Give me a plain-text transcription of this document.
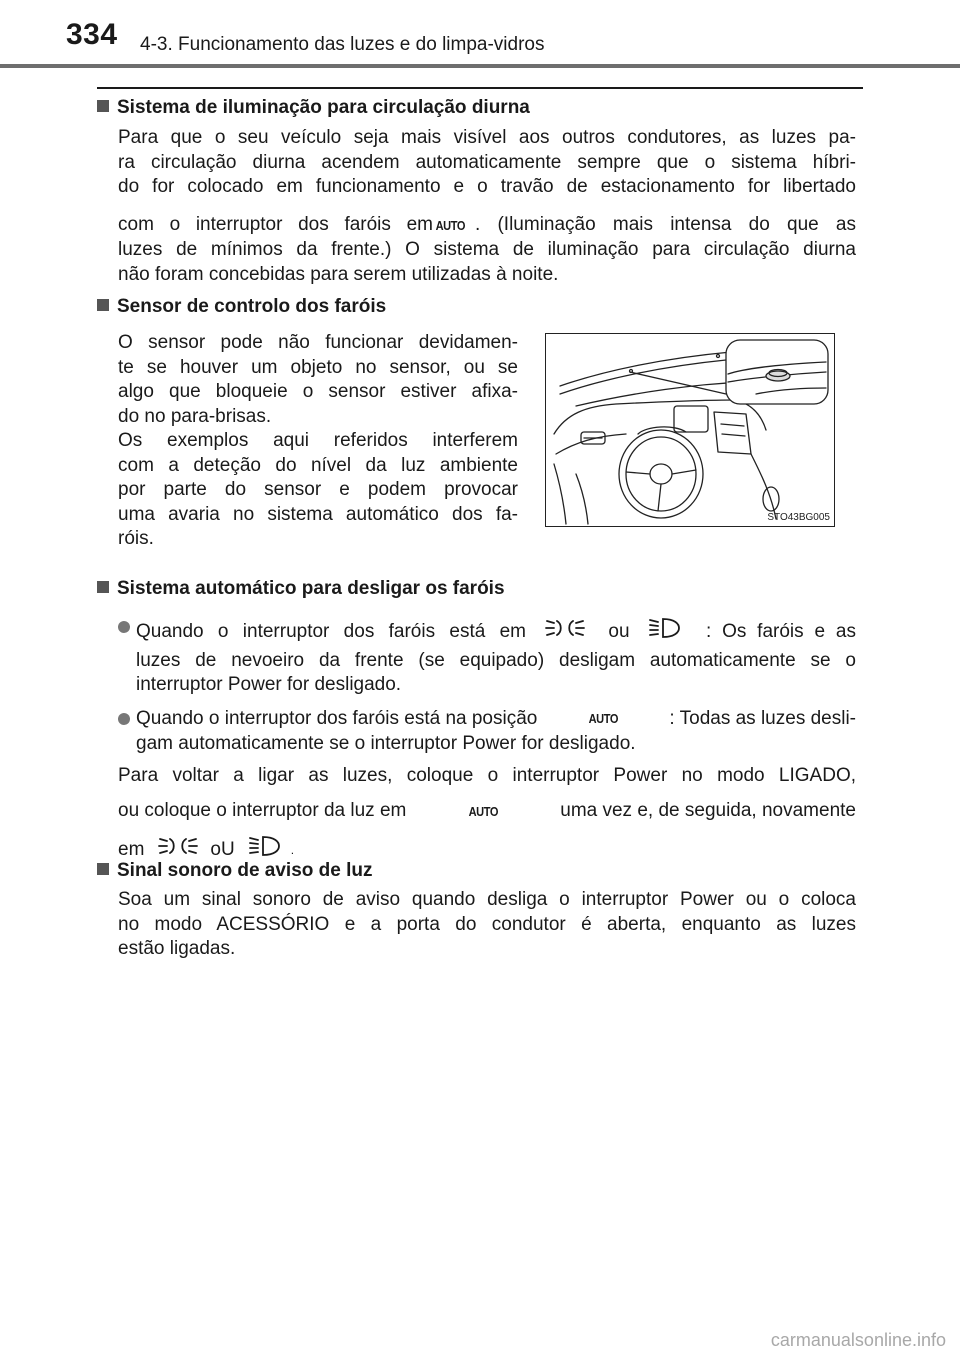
334 4-3. Funcionamento das luzes e do limpa-vidros
Sistema de iluminação para circulação diurna
Para que o seu veículo seja mais visível aos outros condutores, as luzes pa-
ra circulação diurna acendem automaticamente sempre que o sistema híbri-
do for colocado em funcionamento e o travão de estacionamento for libertado
com o interruptor dos faróis em AUTO . (Iluminação mais intensa do que as
luzes de mínimos da frente.) O sistema de iluminação para circulação diurna
não foram concebidas para serem utilizadas à noite.
Sensor de controlo dos faróis
O sensor pode não funcionar devidamen-
te se houver um objeto no sensor, ou se
algo que bloqueie o sensor estiver afixa-
do no para-brisas.
Os exemplos aqui referidos interferem
com a deteção do nível da luz ambiente
por parte do sensor e podem provocar
uma avaria no sistema automático dos fa-
róis.
STO43BG005
Sistema automático para desligar os faróis
Quando o interruptor dos faróis está em	ou	: Os faróis e as
luzes de nevoeiro da frente (se equipado) desligam automaticamente se o
interruptor Power for desligado.
Quando o interruptor dos faróis está na posição	AUTO	: Todas as luzes desli-
gam automaticamente se o interruptor Power for desligado.
Para voltar a ligar as luzes, coloque o interruptor Power no modo LIGADO,
ou coloque o interruptor da luz em	AUTO	uma vez e, de seguida, novamente
em	oU	.
Sinal sonoro de aviso de luz
Soa um sinal sonoro de aviso quando desliga o interruptor Power ou o coloca
no modo ACESSÓRIO e a porta do condutor é aberta, enquanto as luzes
estão ligadas.
carmanualsonline.info
